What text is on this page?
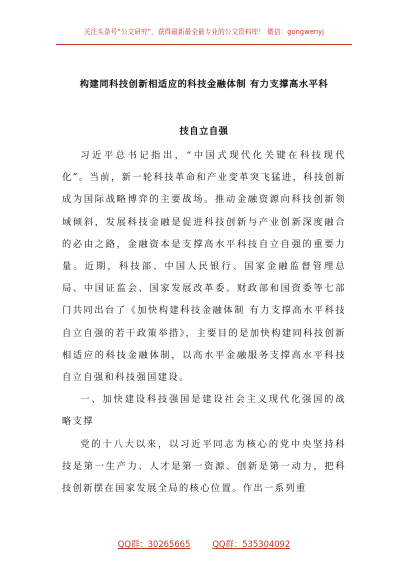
关注头条号“公文研究”，获得最新最全最专业的公文资料库！ 微信：gongwenyj
构建同科技创新相适应的科技金融体制 有力支撑高水平科
技自立自强

习近平总书记指出，“中国式现代化关键在科技现代化”。当前，新一轮科技革命和产业变革突飞猛进，科技创新成为国际战略博弈的主要战场。推动金融资源向科技创新领域倾斜，发展科技金融是促进科技创新与产业创新深度融合的必由之路，金融资本是支撑高水平科技自立自强的重要力量。近期，科技部、中国人民银行、国家金融监督管理总局、中国证监会、国家发展改革委、财政部和国资委等七部门共同出台了《加快构建科技金融体制 有力支撑高水平科技自立自强的若干政策举措》，主要目的是加快构建同科技创新相适应的科技金融体制，以高水平金融服务支撑高水平科技自立自强和科技强国建设。

一、加快建设科技强国是建设社会主义现代化强国的战略支撑

党的十八大以来，以习近平同志为核心的党中央坚持科技是第一生产力、人才是第一资源、创新是第一动力，把科技创新摆在国家发展全局的核心位置。作出一系列重

QQ群：30265665	QQ群：535304092
